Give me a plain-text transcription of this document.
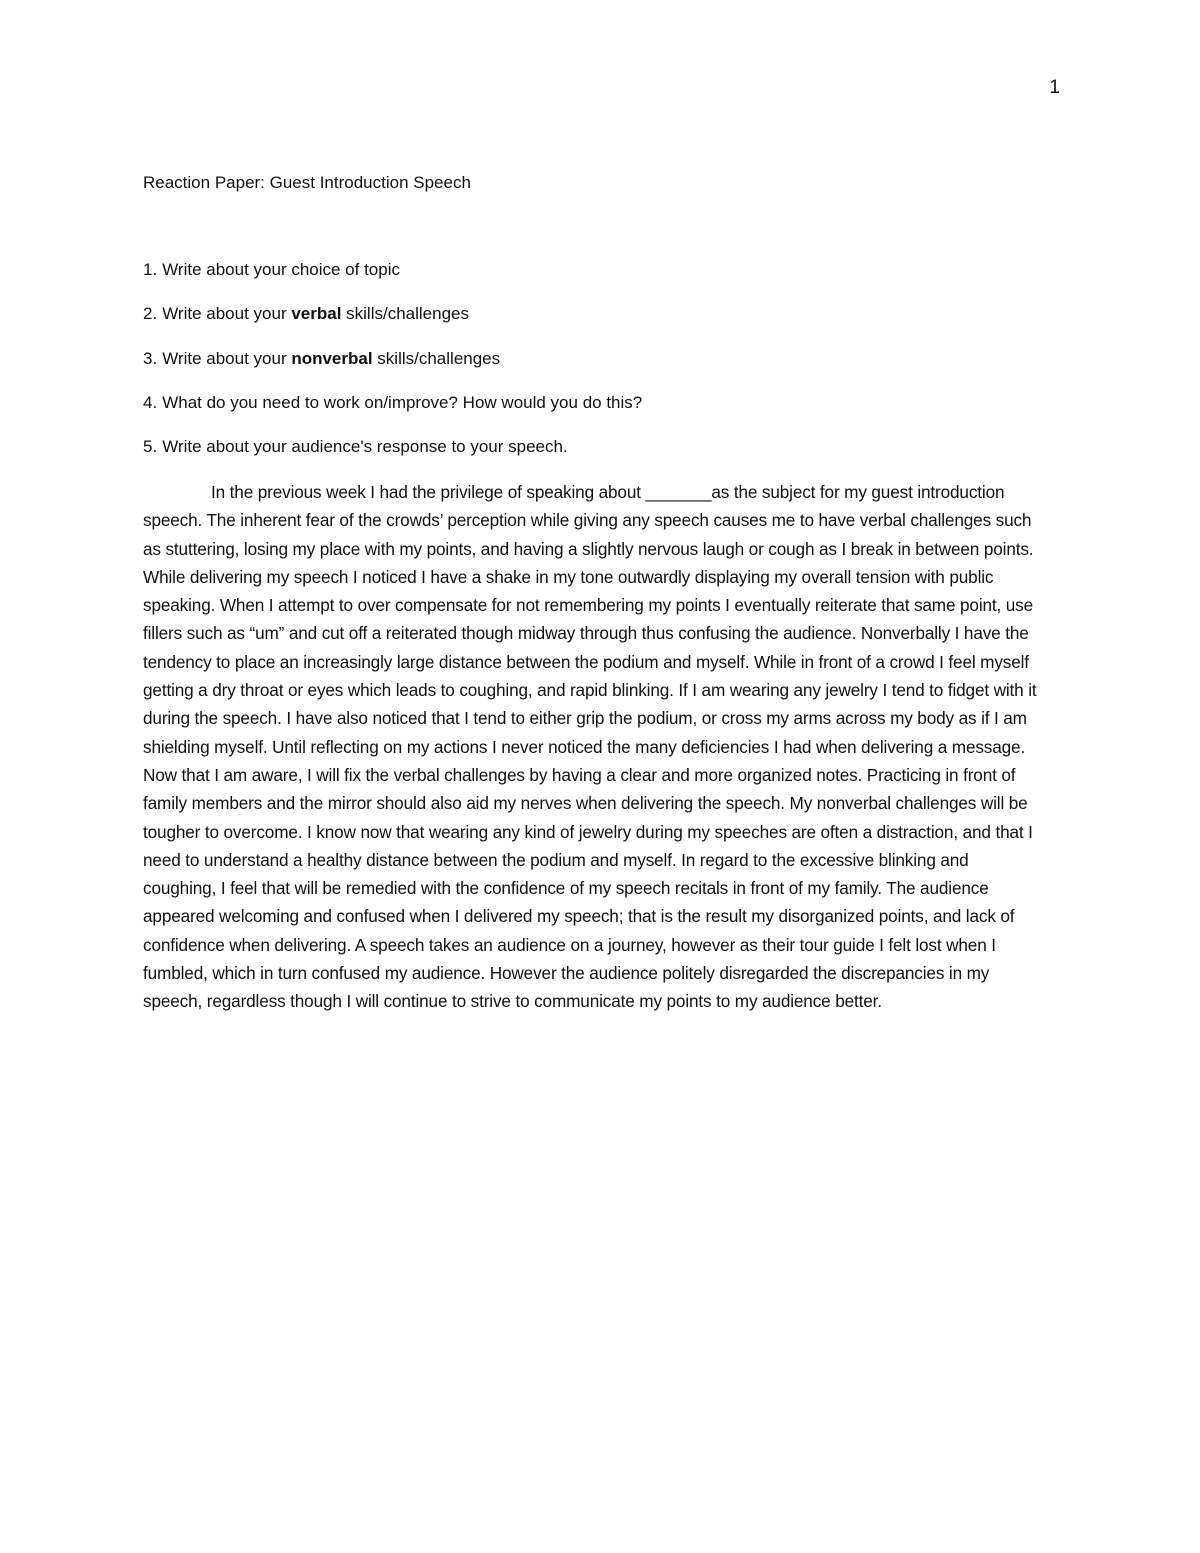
1
Reaction Paper: Guest Introduction Speech
1. Write about your choice of topic
2. Write about your verbal skills/challenges
3. Write about your nonverbal skills/challenges
4. What do you need to work on/improve? How would you do this?
5. Write about your audience's response to your speech.

In the previous week I had the privilege of speaking about _______as the subject for my guest introduction speech. The inherent fear of the crowds’ perception while giving any speech causes me to have verbal challenges such as stuttering, losing my place with my points, and having a slightly nervous laugh or cough as I break in between points. While delivering my speech I noticed I have a shake in my tone outwardly displaying my overall tension with public speaking. When I attempt to over compensate for not remembering my points I eventually reiterate that same point, use fillers such as “um” and cut off a reiterated though midway through thus confusing the audience. Nonverbally I have the tendency to place an increasingly large distance between the podium and myself. While in front of a crowd I feel myself getting a dry throat or eyes which leads to coughing, and rapid blinking. If I am wearing any jewelry I tend to fidget with it during the speech. I have also noticed that I tend to either grip the podium, or cross my arms across my body as if I am shielding myself. Until reflecting on my actions I never noticed the many deficiencies I had when delivering a message. Now that I am aware, I will fix the verbal challenges by having a clear and more organized notes. Practicing in front of family members and the mirror should also aid my nerves when delivering the speech. My nonverbal challenges will be tougher to overcome. I know now that wearing any kind of jewelry during my speeches are often a distraction, and that I need to understand a healthy distance between the podium and myself. In regard to the excessive blinking and coughing, I feel that will be remedied with the confidence of my speech recitals in front of my family. The audience appeared welcoming and confused when I delivered my speech; that is the result my disorganized points, and lack of confidence when delivering. A speech takes an audience on a journey, however as their tour guide I felt lost when I fumbled, which in turn confused my audience. However the audience politely disregarded the discrepancies in my speech, regardless though I will continue to strive to communicate my points to my audience better.
